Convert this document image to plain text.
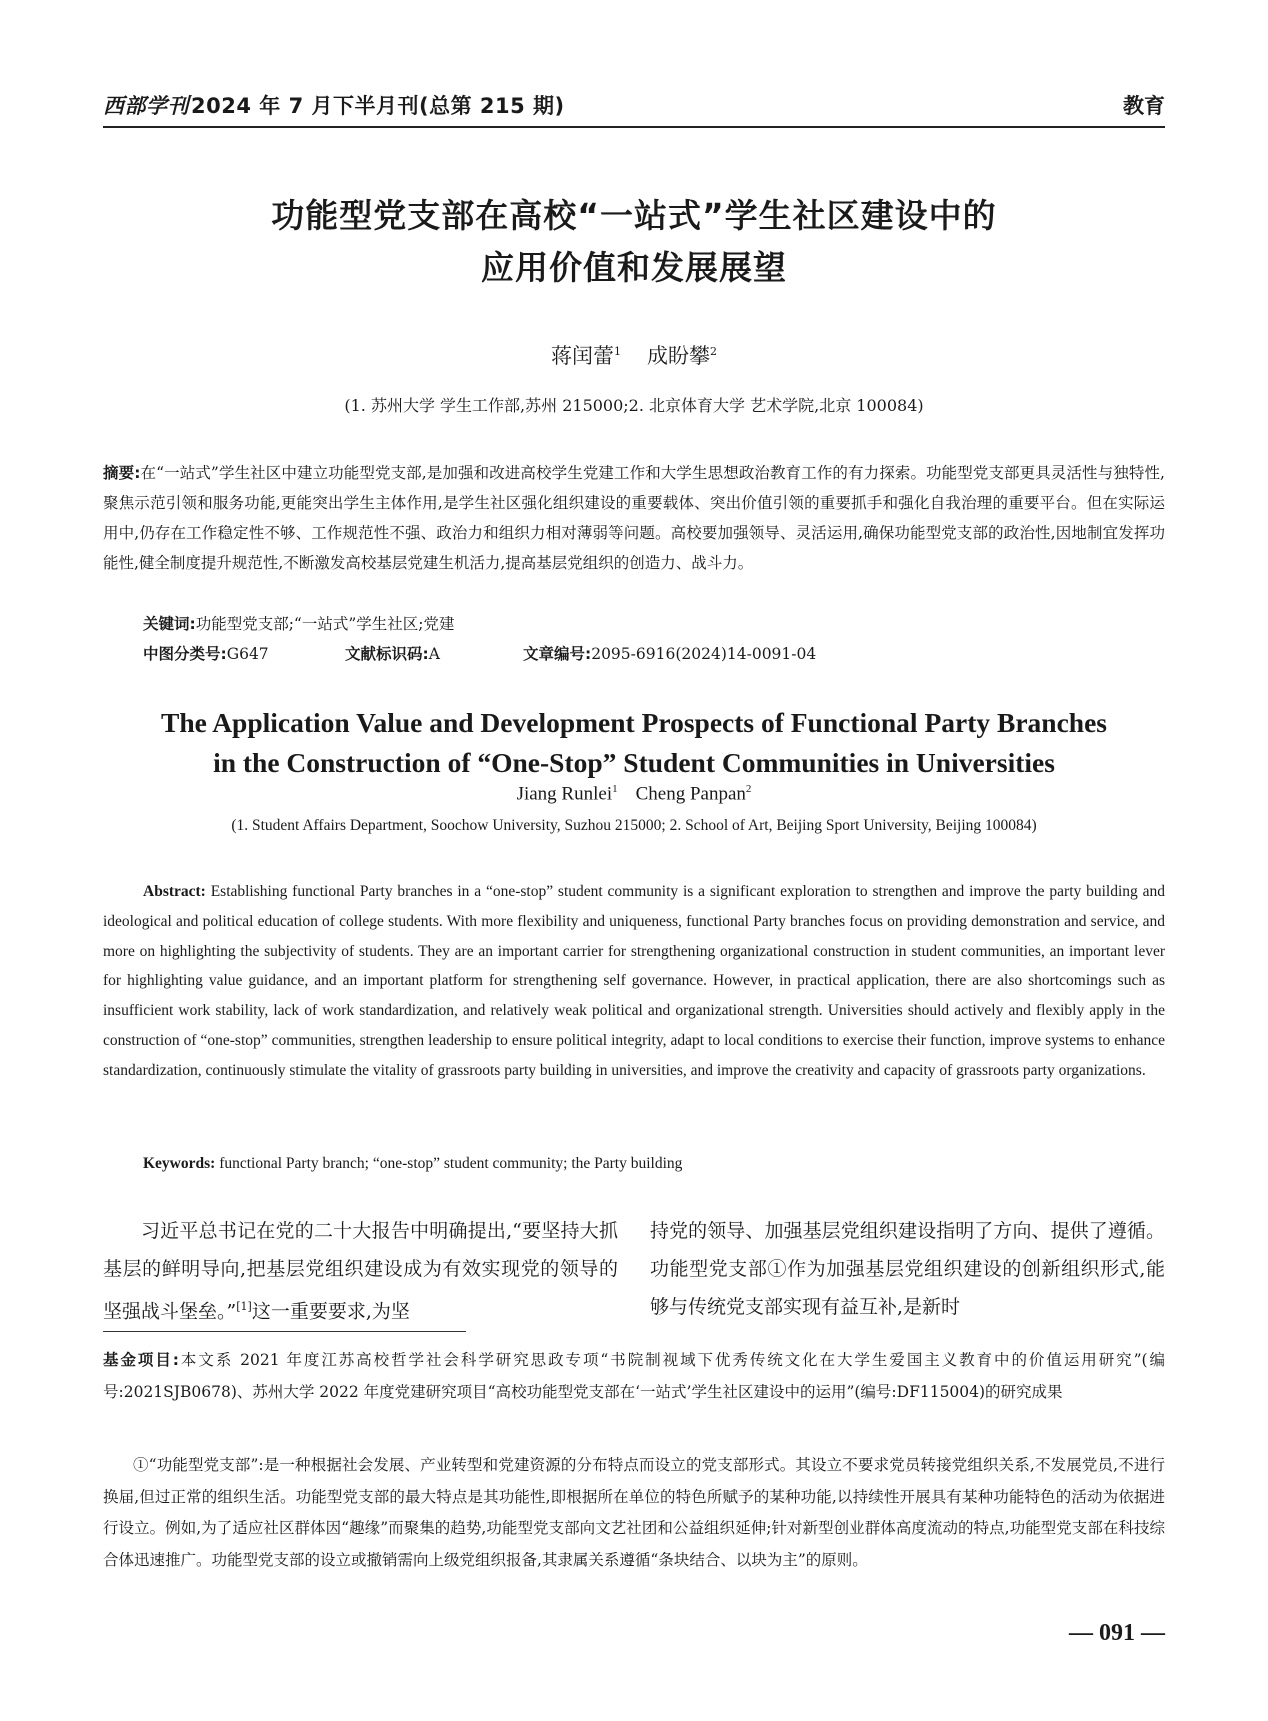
西部学刊2024 年 7 月下半月刊(总第 215 期)	教育
功能型党支部在高校“一站式”学生社区建设中的
应用价值和发展展望
蒋闰蕾$^1$ 成盼攀$^2$
(1. 苏州大学 学生工作部,苏州 215000;2. 北京体育大学 艺术学院,北京 100084)
摘要:在“一站式”学生社区中建立功能型党支部,是加强和改进高校学生党建工作和大学生思想政治教育工作的有力探索。功能型党支部更具灵活性与独特性,聚焦示范引领和服务功能,更能突出学生主体作用,是学生社区强化组织建设的重要载体、突出价值引领的重要抓手和强化自我治理的重要平台。但在实际运用中,仍存在工作稳定性不够、工作规范性不强、政治力和组织力相对薄弱等问题。高校要加强领导、灵活运用,确保功能型党支部的政治性,因地制宜发挥功能性,健全制度提升规范性,不断激发高校基层党建生机活力,提高基层党组织的创造力、战斗力。
关键词:功能型党支部;“一站式”学生社区;党建
中图分类号:G647	文献标识码:A	文章编号:2095-6916(2024)14-0091-04
The Application Value and Development Prospects of Functional Party Branches
in the Construction of “One-Stop” Student Communities in Universities
Jiang Runlei$^1$ Cheng Panpan$^2$
(1. Student Affairs Department, Soochow University, Suzhou 215000; 2. School of Art, Beijing Sport University, Beijing 100084)
Abstract: Establishing functional Party branches in a “one-stop” student community is a significant exploration to strengthen and improve the party building and ideological and political education of college students. With more flexibility and uniqueness, functional Party branches focus on providing demonstration and service, and more on highlighting the subjectivity of students. They are an important carrier for strengthening organizational construction in student communities, an important lever for highlighting value guidance, and an important platform for strengthening self governance. However, in practical application, there are also shortcomings such as insufficient work stability, lack of work standardization, and relatively weak political and organizational strength. Universities should actively and flexibly apply in the construction of “one-stop” communities, strengthen leadership to ensure political integrity, adapt to local conditions to exercise their function, improve systems to enhance standardization, continuously stimulate the vitality of grassroots party building in universities, and improve the creativity and capacity of grassroots party organizations.
Keywords: functional Party branch; “one-stop” student community; the Party building
习近平总书记在党的二十大报告中明确提出,“要坚持大抓基层的鲜明导向,把基层党组织建设成为有效实现党的领导的坚强战斗堡垒。”[1]这一重要要求,为坚
持党的领导、加强基层党组织建设指明了方向、提供了遵循。功能型党支部①作为加强基层党组织建设的创新组织形式,能够与传统党支部实现有益互补,是新时
基金项目:本文系 2021 年度江苏高校哲学社会科学研究思政专项“书院制视域下优秀传统文化在大学生爱国主义教育中的价值运用研究”(编号:2021SJB0678)、苏州大学 2022 年度党建研究项目“高校功能型党支部在‘一站式’学生社区建设中的运用”(编号:DF115004)的研究成果
①“功能型党支部”:是一种根据社会发展、产业转型和党建资源的分布特点而设立的党支部形式。其设立不要求党员转接党组织关系,不发展党员,不进行换届,但过正常的组织生活。功能型党支部的最大特点是其功能性,即根据所在单位的特色所赋予的某种功能,以持续性开展具有某种功能特色的活动为依据进行设立。例如,为了适应社区群体因“趣缘”而聚集的趋势,功能型党支部向文艺社团和公益组织延伸;针对新型创业群体高度流动的特点,功能型党支部在科技综合体迅速推广。功能型党支部的设立或撤销需向上级党组织报备,其隶属关系遵循“条块结合、以块为主”的原则。
— 091 —
